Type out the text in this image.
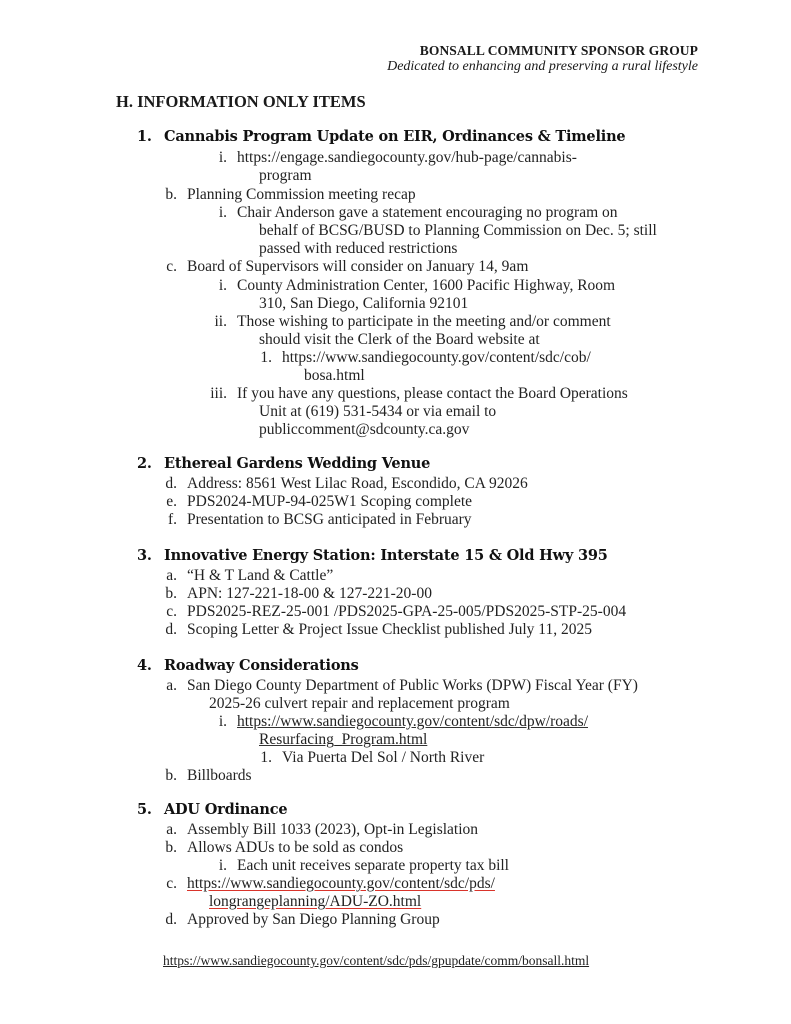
BONSALL COMMUNITY SPONSOR GROUP
Dedicated to enhancing and preserving a rural lifestyle
H. INFORMATION ONLY ITEMS
1. Cannabis Program Update on EIR, Ordinances & Timeline
i. https://engage.sandiegocounty.gov/hub-page/cannabis-
program
b. Planning Commission meeting recap
i. Chair Anderson gave a statement encouraging no program on
behalf of BCSG/BUSD to Planning Commission on Dec. 5; still
passed with reduced restrictions
c. Board of Supervisors will consider on January 14, 9am
i. County Administration Center, 1600 Pacific Highway, Room
310, San Diego, California 92101
ii. Those wishing to participate in the meeting and/or comment
should visit the Clerk of the Board website at
1. https://www.sandiegocounty.gov/content/sdc/cob/
bosa.html
iii. If you have any questions, please contact the Board Operations
Unit at (619) 531-5434 or via email to
publiccomment@sdcounty.ca.gov
2. Ethereal Gardens Wedding Venue
d. Address: 8561 West Lilac Road, Escondido, CA 92026
e. PDS2024-MUP-94-025W1 Scoping complete
f. Presentation to BCSG anticipated in February
3. Innovative Energy Station: Interstate 15 & Old Hwy 395
a. “H & T Land & Cattle”
b. APN: 127-221-18-00 & 127-221-20-00
c. PDS2025-REZ-25-001 /PDS2025-GPA-25-005/PDS2025-STP-25-004
d. Scoping Letter & Project Issue Checklist published July 11, 2025
4. Roadway Considerations
a. San Diego County Department of Public Works (DPW) Fiscal Year (FY)
2025-26 culvert repair and replacement program
i. https://www.sandiegocounty.gov/content/sdc/dpw/roads/
Resurfacing_Program.html
1. Via Puerta Del Sol / North River
b. Billboards
5. ADU Ordinance
a. Assembly Bill 1033 (2023), Opt-in Legislation
b. Allows ADUs to be sold as condos
i. Each unit receives separate property tax bill
c. https://www.sandiegocounty.gov/content/sdc/pds/
longrangeplanning/ADU-ZO.html
d. Approved by San Diego Planning Group
https://www.sandiegocounty.gov/content/sdc/pds/gpupdate/comm/bonsall.html
